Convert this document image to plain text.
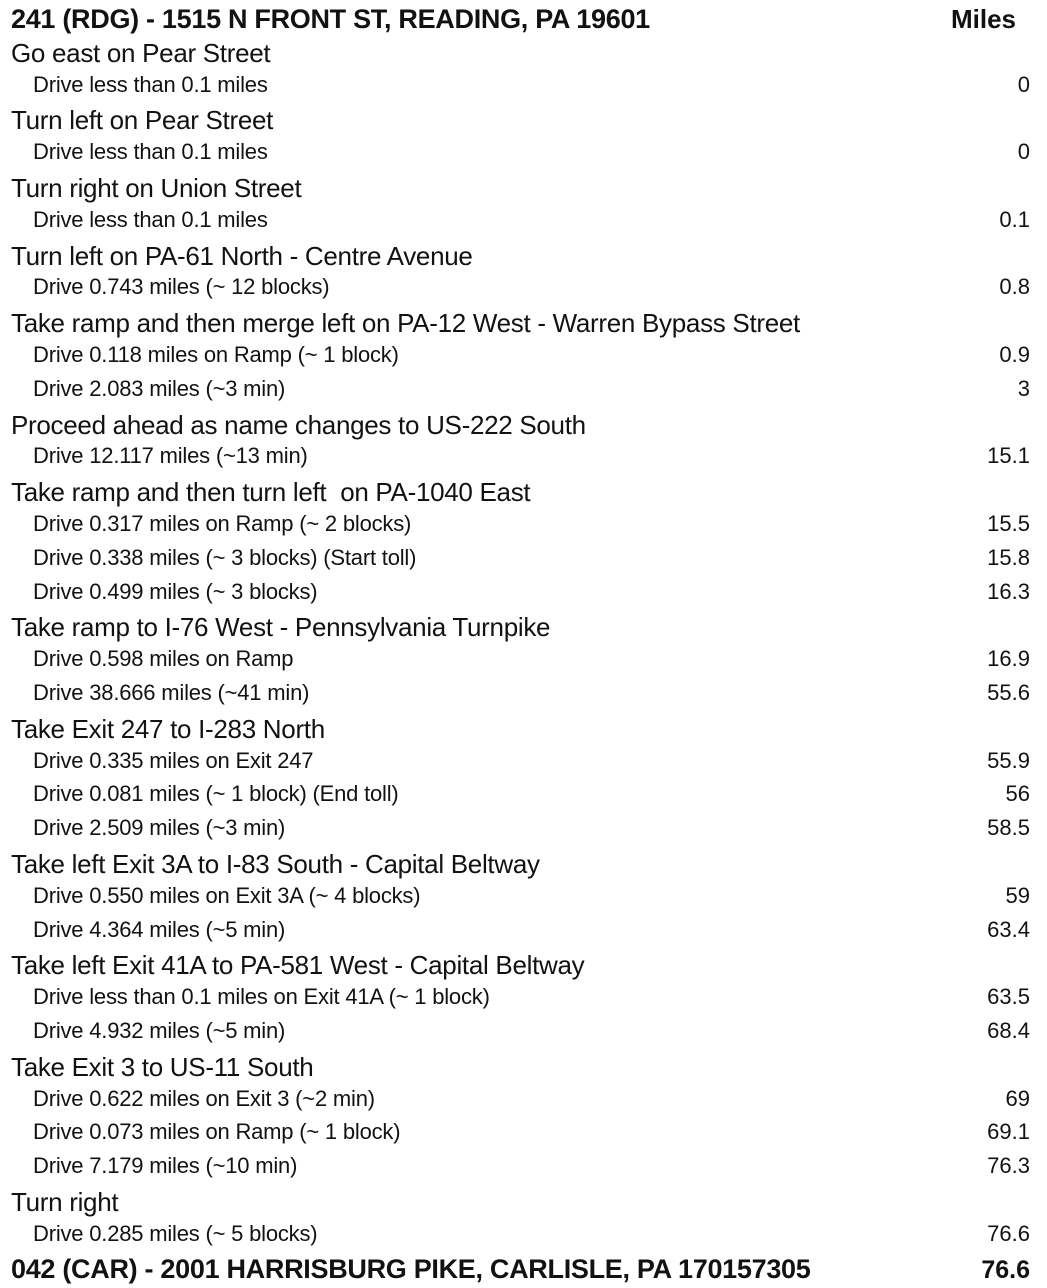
241 (RDG) - 1515 N FRONT ST, READING, PA 19601	Miles
Go east on Pear Street
Drive less than 0.1 miles	0
Turn left on Pear Street
Drive less than 0.1 miles	0
Turn right on Union Street
Drive less than 0.1 miles	0.1
Turn left on PA-61 North - Centre Avenue
Drive 0.743 miles (~ 12 blocks)	0.8
Take ramp and then merge left on PA-12 West - Warren Bypass Street
Drive 0.118 miles on Ramp (~ 1 block)	0.9
Drive 2.083 miles (~3 min)	3
Proceed ahead as name changes to US-222 South
Drive 12.117 miles (~13 min)	15.1
Take ramp and then turn left  on PA-1040 East
Drive 0.317 miles on Ramp (~ 2 blocks)	15.5
Drive 0.338 miles (~ 3 blocks) (Start toll)	15.8
Drive 0.499 miles (~ 3 blocks)	16.3
Take ramp to I-76 West - Pennsylvania Turnpike
Drive 0.598 miles on Ramp	16.9
Drive 38.666 miles (~41 min)	55.6
Take Exit 247 to I-283 North
Drive 0.335 miles on Exit 247	55.9
Drive 0.081 miles (~ 1 block) (End toll)	56
Drive 2.509 miles (~3 min)	58.5
Take left Exit 3A to I-83 South - Capital Beltway
Drive 0.550 miles on Exit 3A (~ 4 blocks)	59
Drive 4.364 miles (~5 min)	63.4
Take left Exit 41A to PA-581 West - Capital Beltway
Drive less than 0.1 miles on Exit 41A (~ 1 block)	63.5
Drive 4.932 miles (~5 min)	68.4
Take Exit 3 to US-11 South
Drive 0.622 miles on Exit 3 (~2 min)	69
Drive 0.073 miles on Ramp (~ 1 block)	69.1
Drive 7.179 miles (~10 min)	76.3
Turn right
Drive 0.285 miles (~ 5 blocks)	76.6
042 (CAR) - 2001 HARRISBURG PIKE, CARLISLE, PA 170157305	76.6
